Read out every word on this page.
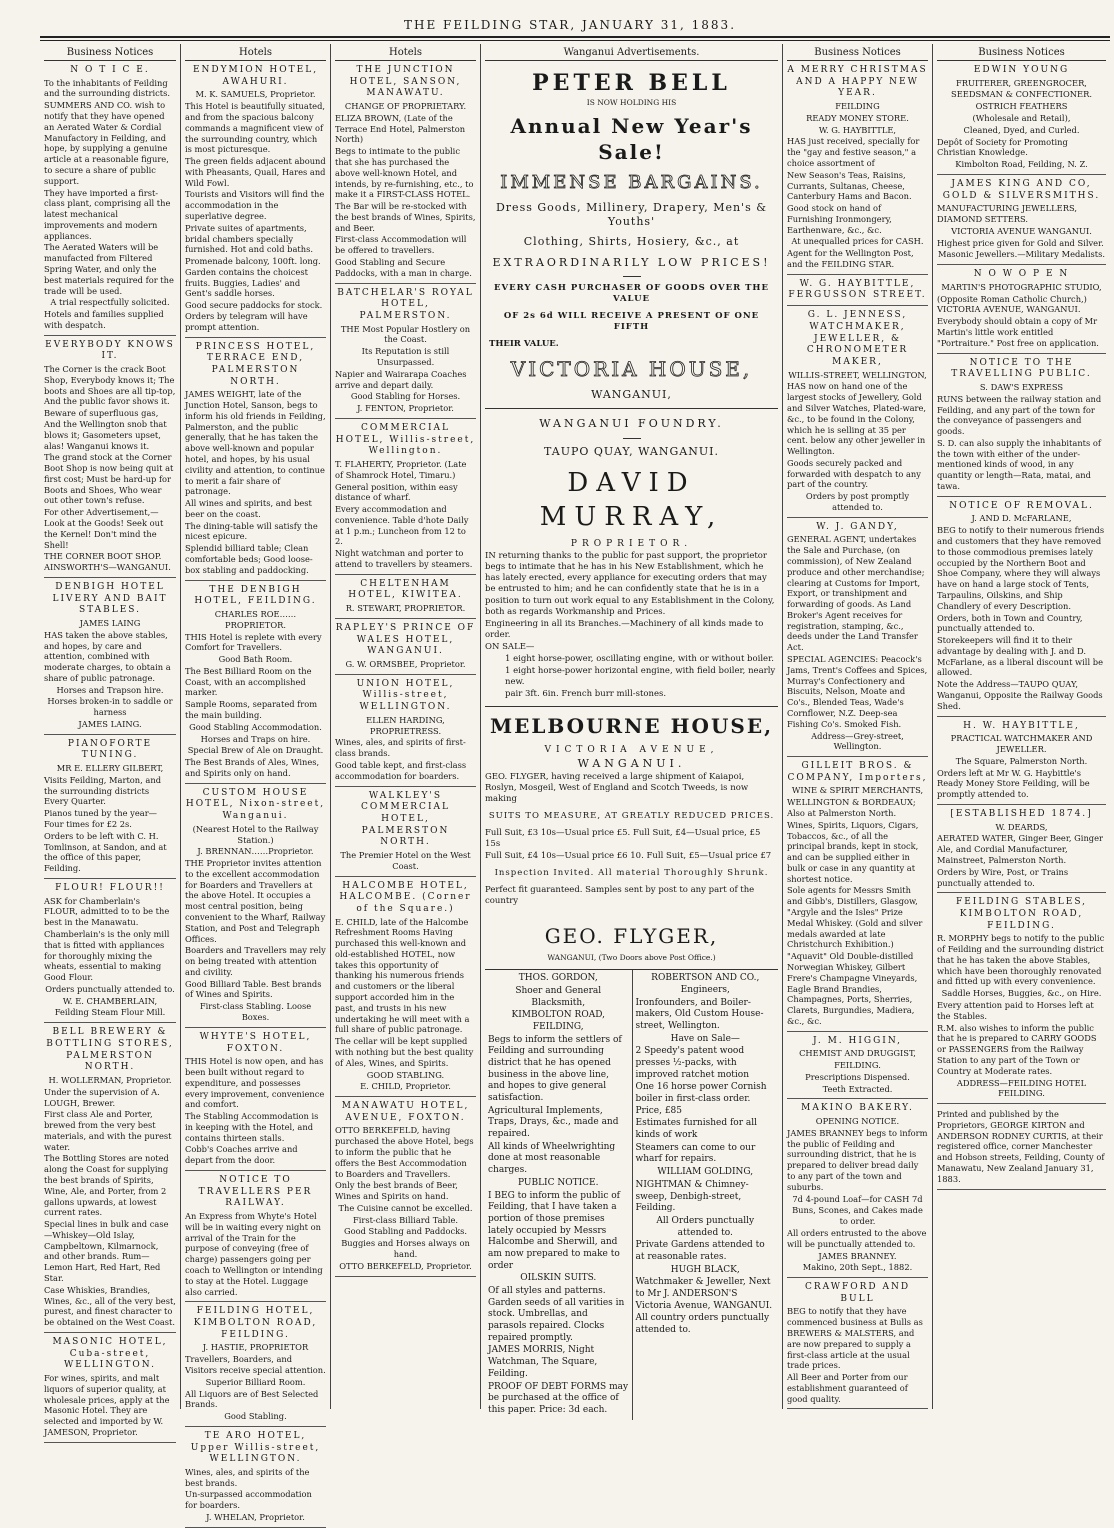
THE FEILDING STAR, JANUARY 31, 1883.
Business Notices
N O T I C E.

To the inhabitants of Feilding and the surrounding districts.

SUMMERS AND CO. wish to notify that they have opened an Aerated Water & Cordial Manufactory in Feilding, and hope, by supplying a genuine article at a reasonable figure, to secure a share of public support.

They have imported a first-class plant, comprising all the latest mechanical improvements and modern appliances.

The Aerated Waters will be manufacted from Filtered Spring Water, and only the best materials required for the trade will be used.

A trial respectfully solicited.

Hotels and families supplied with despatch.

EVERYBODY KNOWS IT.

The Corner is the crack Boot Shop, Everybody knows it; The boots and Shoes are all tip-top, And the public favor shows it.

Beware of superfluous gas, And the Wellington snob that blows it; Gasometers upset, alas! Wanganui knows it.

The grand stock at the Corner Boot Shop is now being quit at first cost; Must be hard-up for Boots and Shoes, Who wear out other town's refuse.

For other Advertisement,—Look at the Goods! Seek out the Kernel! Don't mind the Shell!

THE CORNER BOOT SHOP. AINSWORTH'S—WANGANUI.

DENBIGH HOTEL LIVERY AND BAIT STABLES.

JAMES LAING

HAS taken the above stables, and hopes, by care and attention, combined with moderate charges, to obtain a share of public patronage.

Horses and Trapson hire.

Horses broken-in to saddle or harness

JAMES LAING.

PIANOFORTE TUNING.

MR E. ELLERY GILBERT,

Visits Feilding, Marton, and the surrounding districts Every Quarter.

Pianos tuned by the year—Four times for £2 2s.

Orders to be left with C. H. Tomlinson, at Sandon, and at the office of this paper, Feilding.

FLOUR! FLOUR!!

ASK for Chamberlain's FLOUR, admitted to to be the best in the Manawatu.

Chamberlain's is the only mill that is fitted with appliances for thoroughly mixing the wheats, essential to making Good Flour.

Orders punctually attended to.

W. E. CHAMBERLAIN,

Feilding Steam Flour Mill.

BELL BREWERY & BOTTLING STORES, PALMERSTON NORTH.

H. WOLLERMAN, Proprietor.

Under the supervision of A. LOUGH, Brewer.

First class Ale and Porter, brewed from the very best materials, and with the purest water.

The Bottling Stores are noted along the Coast for supplying the best brands of Spirits, Wine, Ale, and Porter, from 2 gallons upwards, at lowest current rates.

Special lines in bulk and case—Whiskey—Old Islay, Campbeltown, Kilmarnock, and other brands. Rum—Lemon Hart, Red Hart, Red Star.

Case Whiskies, Brandies, Wines, &c., all of the very best, purest, and finest character to be obtained on the West Coast.

MASONIC HOTEL, Cuba-street, WELLINGTON.

For wines, spirits, and malt liquors of superior quality, at wholesale prices, apply at the Masonic Hotel. They are selected and imported by W. JAMESON, Proprietor.

Hotels
ENDYMION HOTEL, AWAHURI.

M. K. SAMUELS, Proprietor.

This Hotel is beautifully situated, and from the spacious balcony commands a magnificent view of the surrounding country, which is most picturesque.

The green fields adjacent abound with Pheasants, Quail, Hares and Wild Fowl.

Tourists and Visitors will find the accommodation in the superlative degree.

Private suites of apartments, bridal chambers specially furnished. Hot and cold baths.

Promenade balcony, 100ft. long. Garden contains the choicest fruits. Buggies, Ladies' and Gent's saddle horses.

Good secure paddocks for stock. Orders by telegram will have prompt attention.

PRINCESS HOTEL, TERRACE END, PALMERSTON NORTH.

JAMES WEIGHT, late of the Junction Hotel, Sanson, begs to inform his old friends in Feilding, Palmerston, and the public generally, that he has taken the above well-known and popular hotel, and hopes, by his usual civility and attention, to continue to merit a fair share of patronage.

All wines and spirits, and best beer on the coast.

The dining-table will satisfy the nicest epicure.

Splendid billiard table; Clean comfortable beds; Good loose-box stabling and paddocking.

THE DENBIGH HOTEL, FEILDING.

CHARLES ROE……PROPRIETOR.

THIS Hotel is replete with every Comfort for Travellers.

Good Bath Room.

The Best Billiard Room on the Coast, with an accomplished marker.

Sample Rooms, separated from the main building.

Good Stabling Accommodation.

Horses and Traps on hire.

Special Brew of Ale on Draught.

The Best Brands of Ales, Wines, and Spirits only on hand.

CUSTOM HOUSE HOTEL, Nixon-street, Wanganui.

(Nearest Hotel to the Railway Station.)

J. BRENNAN……Proprietor.

THE Proprietor invites attention to the excellent accommodation for Boarders and Travellers at the above Hotel. It occupies a most central position, being convenient to the Wharf, Railway Station, and Post and Telegraph Offices.

Boarders and Travellers may rely on being treated with attention and civility.

Good Billiard Table. Best brands of Wines and Spirits.

First-class Stabling. Loose Boxes.

WHYTE'S HOTEL, FOXTON.

THIS Hotel is now open, and has been built without regard to expenditure, and possesses every improvement, convenience and comfort.

The Stabling Accommodation is in keeping with the Hotel, and contains thirteen stalls.

Cobb's Coaches arrive and depart from the door.

NOTICE TO TRAVELLERS PER RAILWAY.

An Express from Whyte's Hotel will be in waiting every night on arrival of the Train for the purpose of conveying (free of charge) passengers going per coach to Wellington or intending to stay at the Hotel. Luggage also carried.

FEILDING HOTEL, KIMBOLTON ROAD, FEILDING.

J. HASTIE, PROPRIETOR

Travellers, Boarders, and Visitors receive special attention.

Superior Billiard Room.

All Liquors are of Best Selected Brands.

Good Stabling.

TE ARO HOTEL, Upper Willis-street, WELLINGTON.

Wines, ales, and spirits of the best brands.

Un-surpassed accommodation for boarders.

J. WHELAN, Proprietor.

Hotels
THE JUNCTION HOTEL, SANSON, MANAWATU.

CHANGE OF PROPRIETARY.

ELIZA BROWN, (Late of the Terrace End Hotel, Palmerston North)

Begs to intimate to the public that she has purchased the above well-known Hotel, and intends, by re-furnishing, etc., to make it a FIRST-CLASS HOTEL.

The Bar will be re-stocked with the best brands of Wines, Spirits, and Beer.

First-class Accommodation will be offered to travellers.

Good Stabling and Secure Paddocks, with a man in charge.

BATCHELAR'S ROYAL HOTEL, PALMERSTON.

THE Most Popular Hostlery on the Coast.

Its Reputation is still Unsurpassed.

Napier and Wairarapa Coaches arrive and depart daily.

Good Stabling for Horses.

J. FENTON, Proprietor.

COMMERCIAL HOTEL, Willis-street, Wellington.

T. FLAHERTY, Proprietor. (Late of Shamrock Hotel, Timaru.)

General position, within easy distance of wharf.

Every accommodation and convenience. Table d'hote Daily at 1 p.m.; Luncheon from 12 to 2.

Night watchman and porter to attend to travellers by steamers.

CHELTENHAM HOTEL, KIWITEA.

R. STEWART, PROPRIETOR.

RAPLEY'S PRINCE OF WALES HOTEL, WANGANUI.

G. W. ORMSBEE, Proprietor.

UNION HOTEL, Willis-street, WELLINGTON.

ELLEN HARDING, PROPRIETRESS.

Wines, ales, and spirits of first-class brands.

Good table kept, and first-class accommodation for boarders.

WALKLEY'S COMMERCIAL HOTEL, PALMERSTON NORTH.

The Premier Hotel on the West Coast.

HALCOMBE HOTEL, HALCOMBE. (Corner of the Square.)

E. CHILD, late of the Halcombe Refreshment Rooms Having purchased this well-known and old-established HOTEL, now takes this opportunity of thanking his numerous friends and customers or the liberal support accorded him in the past, and trusts in his new undertaking he will meet with a full share of public patronage.

The cellar will be kept supplied with nothing but the best quality of Ales, Wines, and Spirits.

GOOD STABLING.

E. CHILD, Proprietor.

MANAWATU HOTEL, AVENUE, FOXTON.

OTTO BERKEFELD, having purchased the above Hotel, begs to inform the public that he offers the Best Accommodation to Boarders and Travellers.

Only the best brands of Beer, Wines and Spirits on hand.

The Cuisine cannot be excelled.

First-class Billiard Table.

Good Stabling and Paddocks.

Buggies and Horses always on hand.

OTTO BERKEFELD, Proprietor.

Wanganui Advertisements.
PETER BELL
IS NOW HOLDING HIS
Annual New Year's Sale!
IMMENSE BARGAINS.
Dress Goods, Millinery, Drapery, Men's & Youths'
Clothing, Shirts, Hosiery, &c., at
EXTRAORDINARILY LOW PRICES!
EVERY CASH PURCHASER OF GOODS OVER THE VALUE
OF 2s 6d WILL RECEIVE A PRESENT OF ONE FIFTH
THEIR VALUE.
VICTORIA HOUSE,
WANGANUI,
WANGANUI FOUNDRY.
TAUPO QUAY, WANGANUI.
DAVID MURRAY,
PROPRIETOR.

IN returning thanks to the public for past support, the proprietor begs to intimate that he has in his New Establishment, which he has lately erected, every appliance for executing orders that may be entrusted to him; and he can confidently state that he is in a position to turn out work equal to any Establishment in the Colony, both as regards Workmanship and Prices.

Engineering in all its Branches.—Machinery of all kinds made to order.

ON SALE—

1 eight horse-power, oscillating engine, with or without boiler.

1 eight horse-power horizontal engine, with field boiler, nearly new.

pair 3ft. 6in. French burr mill-stones.

MELBOURNE HOUSE,
VICTORIA AVENUE,
WANGANUI.

GEO. FLYGER, having received a large shipment of Kaiapoi, Roslyn, Mosgeil, West of England and Scotch Tweeds, is now making

SUITS TO MEASURE, AT GREATLY REDUCED PRICES.

Full Suit, £3 10s—Usual price £5. Full Suit, £4—Usual price, £5 15s

Full Suit, £4 10s—Usual price £6 10. Full Suit, £5—Usual price £7

Inspection Invited. All material Thoroughly Shrunk.

Perfect fit guaranteed. Samples sent by post to any part of the country

GEO. FLYGER,
WANGANUI, (Two Doors above Post Office.)

THOS. GORDON,

Shoer and General Blacksmith,

KIMBOLTON ROAD, FEILDING,

Begs to inform the settlers of Feilding and surrounding district that he has opened business in the above line, and hopes to give general satisfaction.

Agricultural Implements, Traps, Drays, &c., made and repaired.

All kinds of Wheelwrighting done at most reasonable charges.

PUBLIC NOTICE.

I BEG to inform the public of Feilding, that I have taken a portion of those premises lately occupied by Messrs Halcombe and Sherwill, and am now prepared to make to order

OILSKIN SUITS.

Of all styles and patterns. Garden seeds of all varities in stock. Umbrellas, and parasols repaired. Clocks repaired promptly.

JAMES MORRIS, Night Watchman, The Square, Feilding.

PROOF OF DEBT FORMS may be purchased at the office of this paper. Price: 3d each.

ROBERTSON AND CO., Engineers,

Ironfounders, and Boiler-makers, Old Custom House-street, Wellington.

Have on Sale—

2 Speedy's patent wood presses ½-packs, with improved ratchet motion

One 16 horse power Cornish boiler in first-class order. Price, £85

Estimates furnished for all kinds of work

Steamers can come to our wharf for repairs.

WILLIAM GOLDING,

NIGHTMAN & Chimney-sweep, Denbigh-street, Feilding.

All Orders punctually attended to.

Private Gardens attended to at reasonable rates.

HUGH BLACK,

Watchmaker & Jeweller, Next to Mr J. ANDERSON'S Victoria Avenue, WANGANUI.

All country orders punctually attended to.

Business Notices
A MERRY CHRISTMAS AND A HAPPY NEW YEAR.

FEILDING

READY MONEY STORE.

W. G. HAYBITTLE,

HAS just received, specially for the "gay and festive season," a choice assortment of

New Season's Teas, Raisins, Currants, Sultanas, Cheese, Canterbury Hams and Bacon.

Good stock on hand of Furnishing Ironmongery, Earthenware, &c., &c.

At unequalled prices for CASH.

Agent for the Wellington Post, and the FEILDING STAR.

W. G. HAYBITTLE, FERGUSSON STREET.
G. L. JENNESS, WATCHMAKER, JEWELLER, & CHRONOMETER MAKER,

WILLIS-STREET, WELLINGTON,

HAS now on hand one of the largest stocks of Jewellery, Gold and Silver Watches, Plated-ware, &c., to be found in the Colony, which he is selling at 35 per cent. below any other jeweller in Wellington.

Goods securely packed and forwarded with despatch to any part of the country.

Orders by post promptly attended to.

W. J. GANDY,

GENERAL AGENT, undertakes the Sale and Purchase, (on commission), of New Zealand produce and other merchandise; clearing at Customs for Import, Export, or transhipment and forwarding of goods. As Land Broker's Agent receives for registration, stamping, &c., deeds under the Land Transfer Act.

SPECIAL AGENCIES: Peacock's Jams, Trent's Coffees and Spices, Murray's Confectionery and Biscuits, Nelson, Moate and Co's., Blended Teas, Wade's Cornflower, N.Z. Deep-sea Fishing Co's. Smoked Fish.

Address—Grey-street, Wellington.

GILLEIT BROS. & COMPANY, Importers,

WINE & SPIRIT MERCHANTS,

WELLINGTON & BORDEAUX; Also at Palmerston North.

Wines, Spirits, Liquors, Cigars, Tobaccos, &c., of all the principal brands, kept in stock, and can be supplied either in bulk or case in any quantity at shortest notice.

Sole agents for Messrs Smith and Gibb's, Distillers, Glasgow, "Argyle and the Isles" Prize Medal Whiskey. (Gold and silver medals awarded at late Christchurch Exhibition.)

"Aquavit" Old Double-distilled Norwegian Whiskey, Gilbert Frere's Champagne Vineyards, Eagle Brand Brandies, Champagnes, Ports, Sherries, Clarets, Burgundies, Madiera, &c., &c.

J. M. HIGGIN,

CHEMIST AND DRUGGIST,

FEILDING.

Prescriptions Dispensed.

Teeth Extracted.

MAKINO BAKERY.

OPENING NOTICE.

JAMES BRANNEY begs to inform the public of Feilding and surrounding district, that he is prepared to deliver bread daily to any part of the town and suburbs.

7d 4-pound Loaf—for CASH 7d

Buns, Scones, and Cakes made to order.

All orders entrusted to the above will be punctually attended to.

JAMES BRANNEY.

Makino, 20th Sept., 1882.

CRAWFORD AND BULL

BEG to notify that they have commenced business at Bulls as BREWERS & MALSTERS, and are now prepared to supply a first-class article at the usual trade prices.

All Beer and Porter from our establishment guaranteed of good quality.

Business Notices
EDWIN YOUNG

FRUITERER, GREENGROCER,

SEEDSMAN & CONFECTIONER.

OSTRICH FEATHERS

(Wholesale and Retail),

Cleaned, Dyed, and Curled.

Depôt of Society for Promoting Christian Knowledge.

Kimbolton Road, Feilding, N. Z.

JAMES KING AND CO, GOLD & SILVERSMITHS.

MANUFACTURING JEWELLERS, DIAMOND SETTERS.

VICTORIA AVENUE WANGANUI.

Highest price given for Gold and Silver.

Masonic Jewellers.—Military Medalists.

N O W O P E N

MARTIN'S PHOTOGRAPHIC STUDIO,

(Opposite Roman Catholic Church,) VICTORIA AVENUE, WANGANUI.

Everybody should obtain a copy of Mr Martin's little work entitled "Portraiture." Post free on application.

NOTICE TO THE TRAVELLING PUBLIC.

S. DAW'S EXPRESS

RUNS between the railway station and Feilding, and any part of the town for the conveyance of passengers and goods.

S. D. can also supply the inhabitants of the town with either of the under-mentioned kinds of wood, in any quantity or length—Rata, matai, and tawa.

NOTICE OF REMOVAL.

J. AND D. McFARLANE,

BEG to notify to their numerous friends and customers that they have removed to those commodious premises lately occupied by the Northern Boot and Shoe Company, where they will always have on hand a large stock of Tents, Tarpaulins, Oilskins, and Ship Chandlery of every Description.

Orders, both in Town and Country, punctually attended to.

Storekeepers will find it to their advantage by dealing with J. and D. McFarlane, as a liberal discount will be allowed.

Note the Address—TAUPO QUAY, Wanganui, Opposite the Railway Goods Shed.

H. W. HAYBITTLE,

PRACTICAL WATCHMAKER AND JEWELLER.

The Square, Palmerston North.

Orders left at Mr W. G. Haybittle's Ready Money Store Feilding, will be promptly attended to.

[ESTABLISHED 1874.]

W. DEARDS,

AERATED WATER, Ginger Beer, Ginger Ale, and Cordial Manufacturer, Mainstreet, Palmerston North.

Orders by Wire, Post, or Trains punctually attended to.

FEILDING STABLES, KIMBOLTON ROAD, FEILDING.

R. MORPHY begs to notify to the public of Feilding and the surrounding district that he has taken the above Stables, which have been thoroughly renovated and fitted up with every convenience.

Saddle Horses, Buggies, &c., on Hire.

Every attention paid to Horses left at the Stables.

R.M. also wishes to inform the public that he is prepared to CARRY GOODS or PASSENGERS from the Railway Station to any part of the Town or Country at Moderate rates.

ADDRESS—FEILDING HOTEL FEILDING.

Printed and published by the Proprietors, GEORGE KIRTON and ANDERSON RODNEY CURTIS, at their registered office, corner Manchester and Hobson streets, Feilding, County of Manawatu, New Zealand January 31, 1883.
